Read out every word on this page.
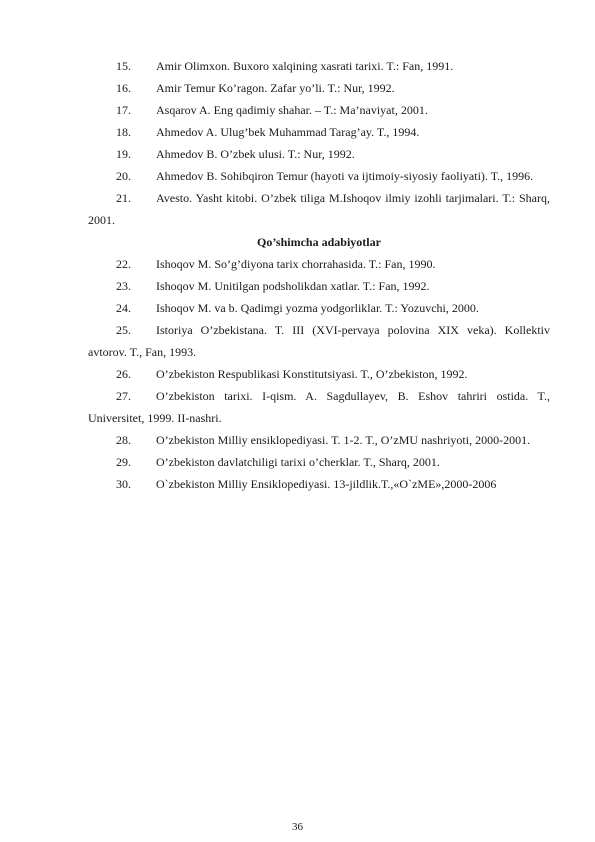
15. Amir Olimxon. Buxoro xalqining xasrati tarixi. T.: Fan, 1991.

16. Amir Temur Ko’ragon. Zafar yo’li. T.: Nur, 1992.

17. Asqarov A. Eng qadimiy shahar. – T.: Ma’naviyat, 2001.

18. Ahmedov A. Ulug’bek Muhammad Tarag’ay. T., 1994.

19. Ahmedov B. O’zbek ulusi. T.: Nur, 1992.

20. Ahmedov B. Sohibqiron Temur (hayoti va ijtimoiy-siyosiy faoliyati). T., 1996.

21. Avesto. Yasht kitobi. O’zbek tiliga M.Ishoqov ilmiy izohli tarjimalari. T.: Sharq, 2001.

Qo’shimcha adabiyotlar

22. Ishoqov M. So’g’diyona tarix chorrahasida. T.: Fan, 1990.

23. Ishoqov M. Unitilgan podsholikdan xatlar. T.: Fan, 1992.

24. Ishoqov M. va b. Qadimgi yozma yodgorliklar. T.: Yozuvchi, 2000.

25. Istoriya O’zbekistana. T. III (XVI-pervaya polovina XIX veka). Kollektiv avtorov. T., Fan, 1993.

26. O’zbekiston Respublikasi Konstitutsiyasi. T., O’zbekiston, 1992.

27. O’zbekiston tarixi. I-qism. A. Sagdullayev, B. Eshov tahriri ostida. T., Universitet, 1999. II-nashri.

28. O’zbekiston Milliy ensiklopediyasi. T. 1-2. T., O’zMU nashriyoti, 2000-2001.

29. O’zbekiston davlatchiligi tarixi o’cherklar. T., Sharq, 2001.

30. O`zbekiston Milliy Ensiklopediyasi. 13-jildlik.T.,«O`zME»,2000-2006

36
